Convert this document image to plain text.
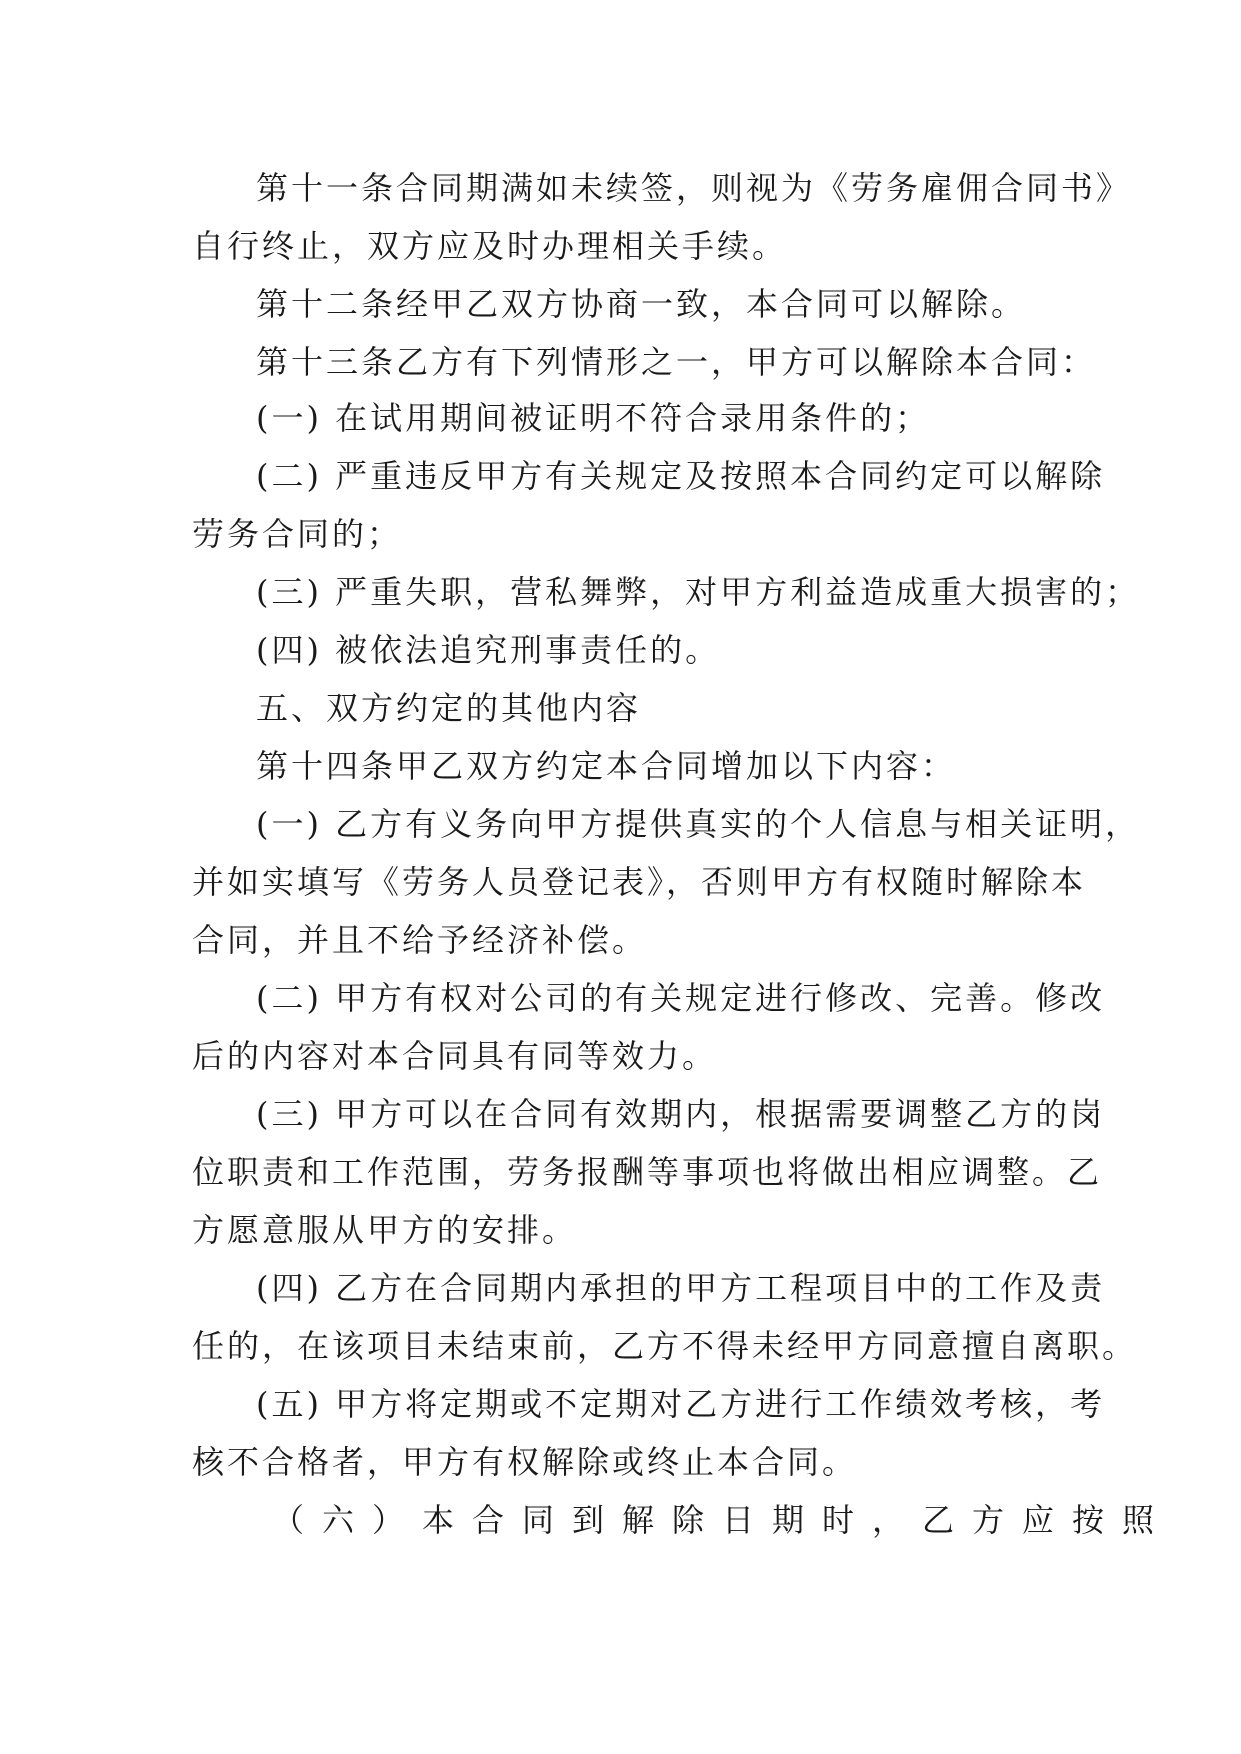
第十一条合同期满如未续签，则视为《劳务雇佣合同书》
自行终止，双方应及时办理相关手续。
第十二条经甲乙双方协商一致，本合同可以解除。
第十三条乙方有下列情形之一，甲方可以解除本合同：
(一) 在试用期间被证明不符合录用条件的；
(二) 严重违反甲方有关规定及按照本合同约定可以解除
劳务合同的；
(三) 严重失职，营私舞弊，对甲方利益造成重大损害的；
(四) 被依法追究刑事责任的。
五、双方约定的其他内容
第十四条甲乙双方约定本合同增加以下内容：
(一) 乙方有义务向甲方提供真实的个人信息与相关证明，
并如实填写《劳务人员登记表》，否则甲方有权随时解除本
合同，并且不给予经济补偿。
(二) 甲方有权对公司的有关规定进行修改、完善。修改
后的内容对本合同具有同等效力。
(三) 甲方可以在合同有效期内，根据需要调整乙方的岗
位职责和工作范围，劳务报酬等事项也将做出相应调整。乙
方愿意服从甲方的安排。
(四) 乙方在合同期内承担的甲方工程项目中的工作及责
任的，在该项目未结束前，乙方不得未经甲方同意擅自离职。
(五) 甲方将定期或不定期对乙方进行工作绩效考核，考
核不合格者，甲方有权解除或终止本合同。
（六）本合同到解除日期时，乙方应按照
